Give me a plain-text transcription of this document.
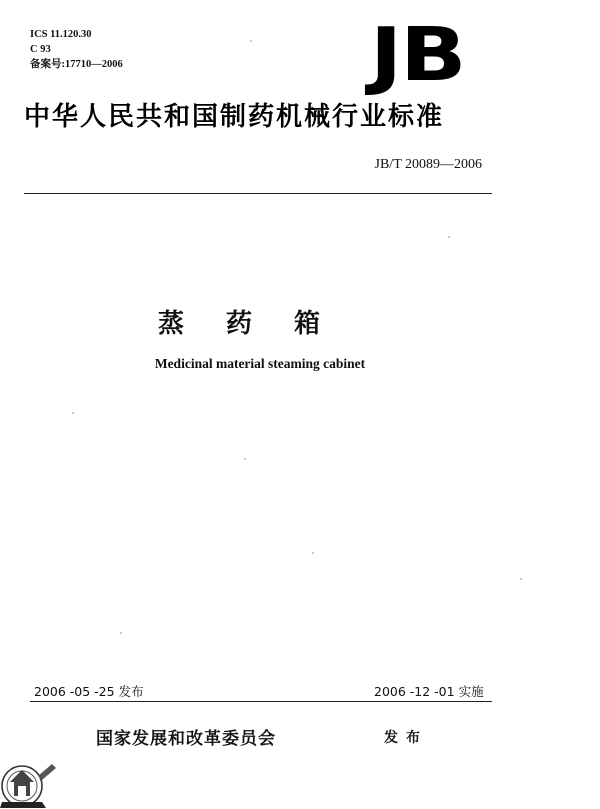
ICS 11.120.30
C 93
备案号:17710—2006	JB
中华人民共和国制药机械行业标准
JB/T 20089—2006
蒸药箱
Medicinal material steaming cabinet
2006 -05 -25 发布	2006 -12 -01 实施
国家发展和改革委员会	发布
